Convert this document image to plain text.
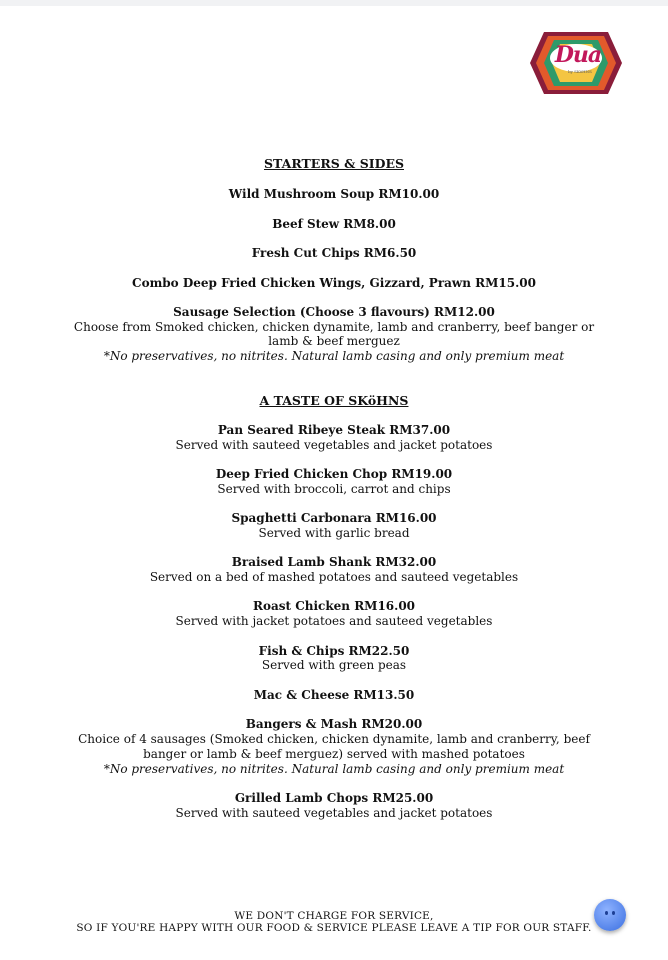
Dua
by SKöHNS
STARTERS & SIDES
Wild Mushroom Soup RM10.00
Beef Stew RM8.00
Fresh Cut Chips RM6.50
Combo Deep Fried Chicken Wings, Gizzard, Prawn RM15.00
Sausage Selection (Choose 3 flavours) RM12.00
Choose from Smoked chicken, chicken dynamite, lamb and cranberry, beef banger or
lamb & beef merguez
*No preservatives, no nitrites. Natural lamb casing and only premium meat
A TASTE OF SKöHNS
Pan Seared Ribeye Steak RM37.00
Served with sauteed vegetables and jacket potatoes
Deep Fried Chicken Chop RM19.00
Served with broccoli, carrot and chips
Spaghetti Carbonara RM16.00
Served with garlic bread
Braised Lamb Shank RM32.00
Served on a bed of mashed potatoes and sauteed vegetables
Roast Chicken RM16.00
Served with jacket potatoes and sauteed vegetables
Fish & Chips RM22.50
Served with green peas
Mac & Cheese RM13.50
Bangers & Mash RM20.00
Choice of 4 sausages (Smoked chicken, chicken dynamite, lamb and cranberry, beef
banger or lamb & beef merguez) served with mashed potatoes
*No preservatives, no nitrites. Natural lamb casing and only premium meat
Grilled Lamb Chops RM25.00
Served with sauteed vegetables and jacket potatoes
WE DON'T CHARGE FOR SERVICE,
SO IF YOU'RE HAPPY WITH OUR FOOD & SERVICE PLEASE LEAVE A TIP FOR OUR STAFF.
